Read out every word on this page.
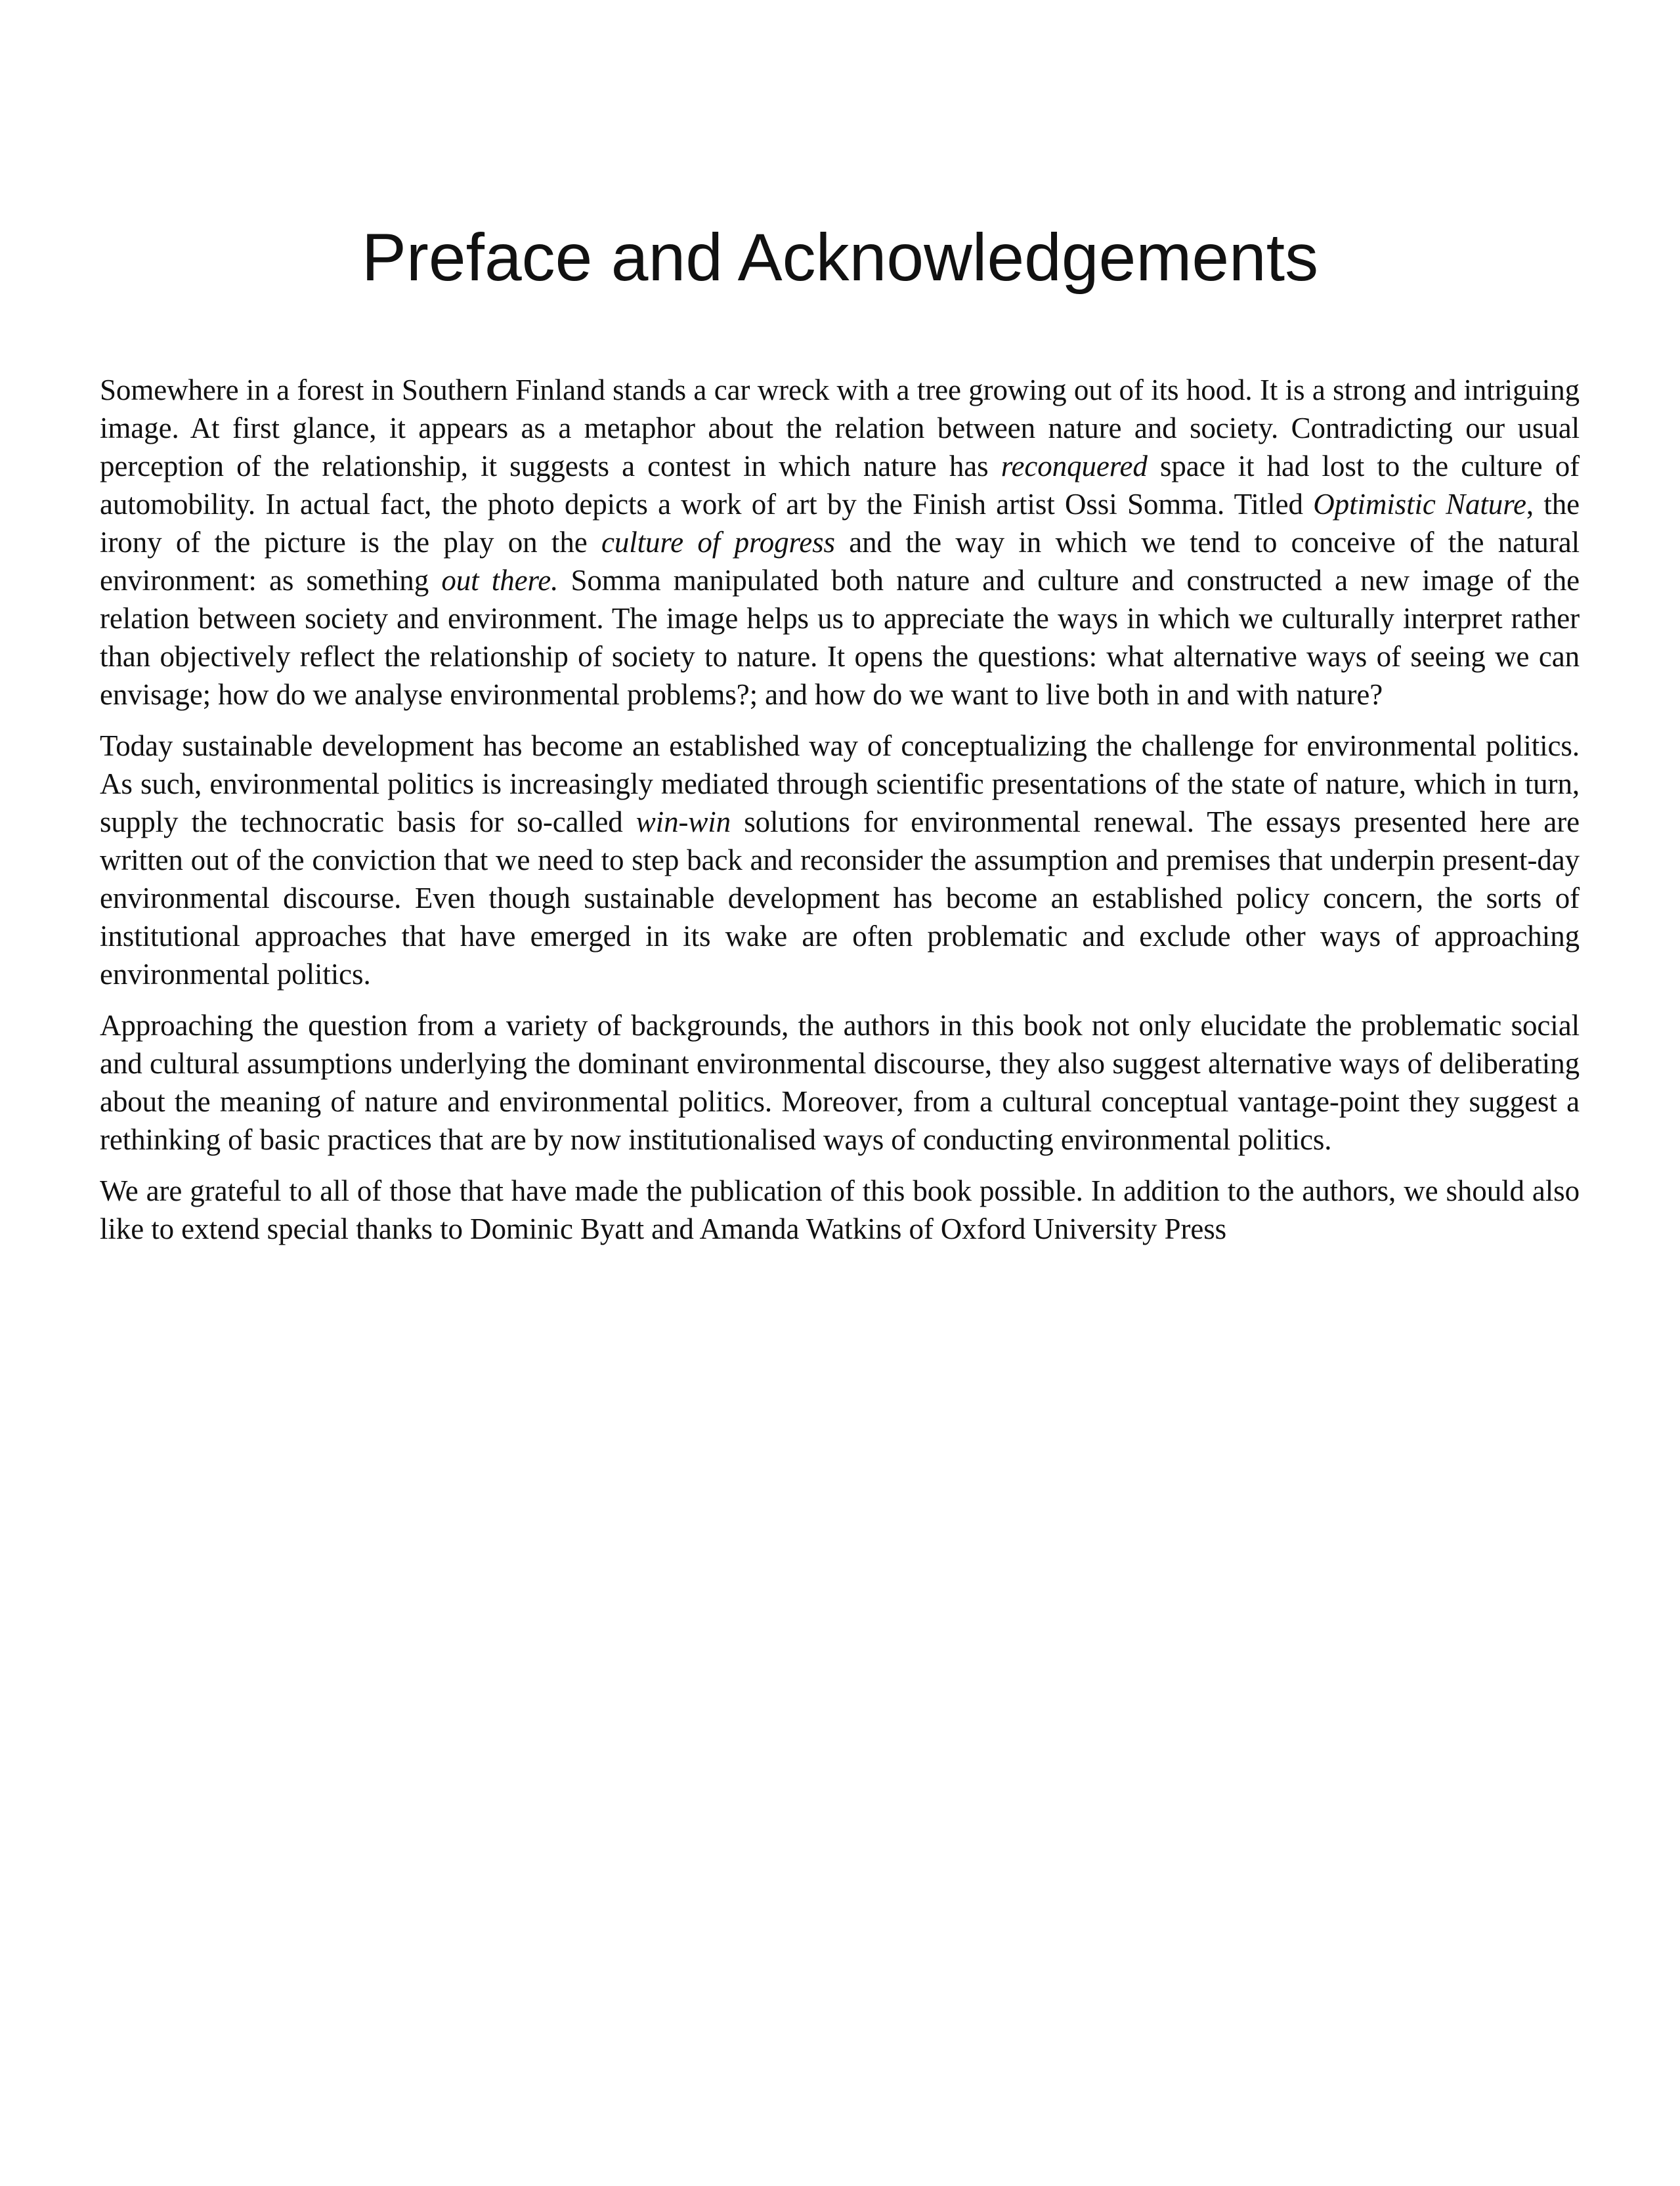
Preface and Acknowledgements

Somewhere in a forest in Southern Finland stands a car wreck with a tree growing out of its hood. It is a strong and intriguing image. At first glance, it appears as a metaphor about the relation between nature and society. Contradicting our usual perception of the relationship, it suggests a contest in which nature has reconquered space it had lost to the culture of automobility. In actual fact, the photo depicts a work of art by the Finish artist Ossi Somma. Titled Optimistic Nature, the irony of the picture is the play on the culture of progress and the way in which we tend to conceive of the natural environment: as something out there. Somma manipulated both nature and culture and constructed a new image of the relation between society and environment. The image helps us to appreciate the ways in which we culturally interpret rather than objectively reflect the relationship of society to nature. It opens the questions: what alternative ways of seeing we can envisage; how do we analyse environmental problems?; and how do we want to live both in and with nature?

Today sustainable development has become an established way of conceptualizing the challenge for environmental politics. As such, environmental politics is increasingly mediated through scientific presentations of the state of nature, which in turn, supply the technocratic basis for so-called win-win solutions for environmental renewal. The essays presented here are written out of the conviction that we need to step back and reconsider the assumption and premises that underpin present-day environmental discourse. Even though sustainable development has become an established policy concern, the sorts of institutional approaches that have emerged in its wake are often problematic and exclude other ways of approaching environmental politics.

Approaching the question from a variety of backgrounds, the authors in this book not only elucidate the problematic social and cultural assumptions underlying the dominant environmental discourse, they also suggest alternative ways of deliberating about the meaning of nature and environmental politics. Moreover, from a cultural conceptual vantage-point they suggest a rethinking of basic practices that are by now institutionalised ways of conducting environmental politics.

We are grateful to all of those that have made the publication of this book possible. In addition to the authors, we should also like to extend special thanks to Dominic Byatt and Amanda Watkins of Oxford University Press
